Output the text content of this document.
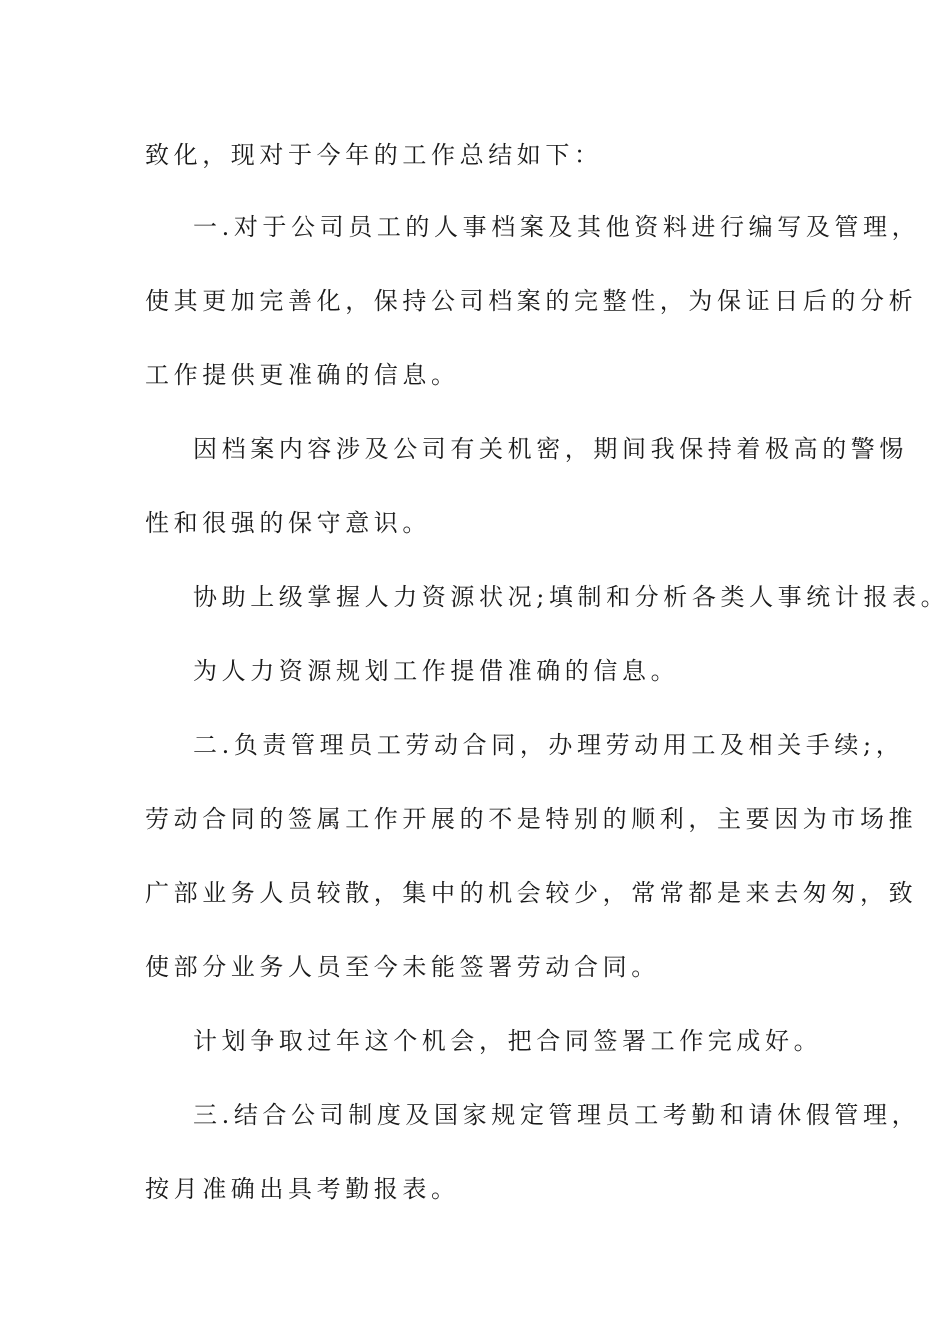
致化，现对于今年的工作总结如下：
一.对于公司员工的人事档案及其他资料进行编写及管理，
使其更加完善化，保持公司档案的完整性，为保证日后的分析
工作提供更准确的信息。
因档案内容涉及公司有关机密，期间我保持着极高的警惕
性和很强的保守意识。
协助上级掌握人力资源状况;填制和分析各类人事统计报表。
为人力资源规划工作提借准确的信息。
二.负责管理员工劳动合同，办理劳动用工及相关手续;，
劳动合同的签属工作开展的不是特别的顺利，主要因为市场推
广部业务人员较散，集中的机会较少，常常都是来去匆匆，致
使部分业务人员至今未能签署劳动合同。
计划争取过年这个机会，把合同签署工作完成好。
三.结合公司制度及国家规定管理员工考勤和请休假管理，
按月准确出具考勤报表。
